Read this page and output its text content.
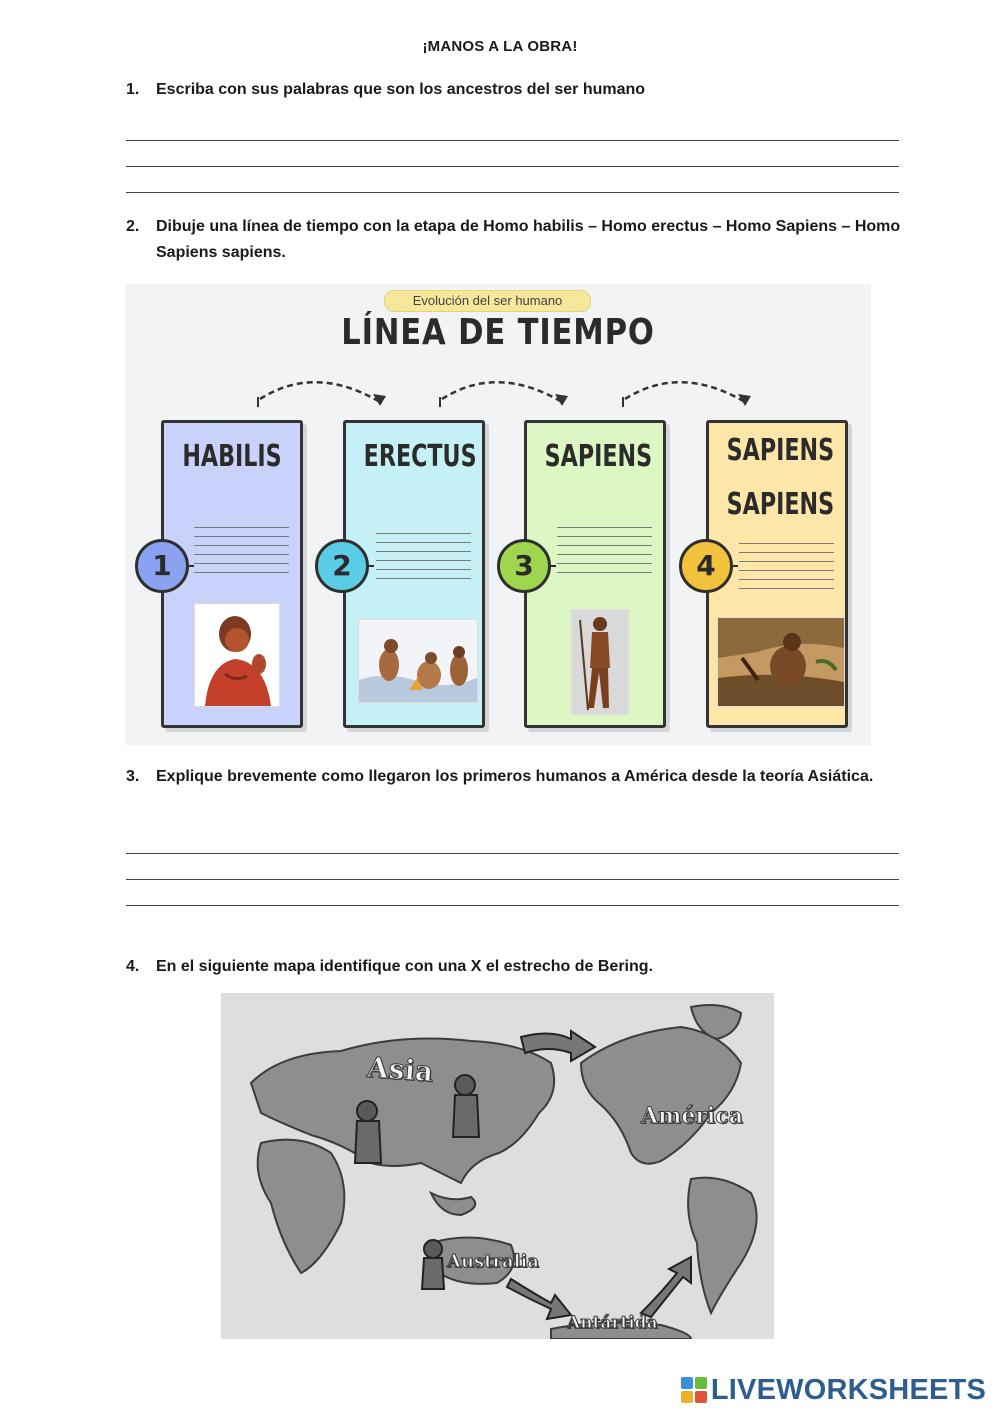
¡MANOS A LA OBRA!
1. Escriba con sus palabras que son los ancestros del ser humano
2. Dibuje una línea de tiempo con la etapa de Homo habilis – Homo erectus – Homo Sapiens – Homo Sapiens sapiens.
Evolución del ser humano
LÍNEA DE TIEMPO
HABILIS
1
ERECTUS
2
SAPIENS
3
SAPIENS
SAPIENS
4
3. Explique brevemente como llegaron los primeros humanos a América desde la teoría Asiática.
4. En el siguiente mapa identifique con una X el estrecho de Bering.
Asia
América
Australia
Antártida
LIVEWORKSHEETS
